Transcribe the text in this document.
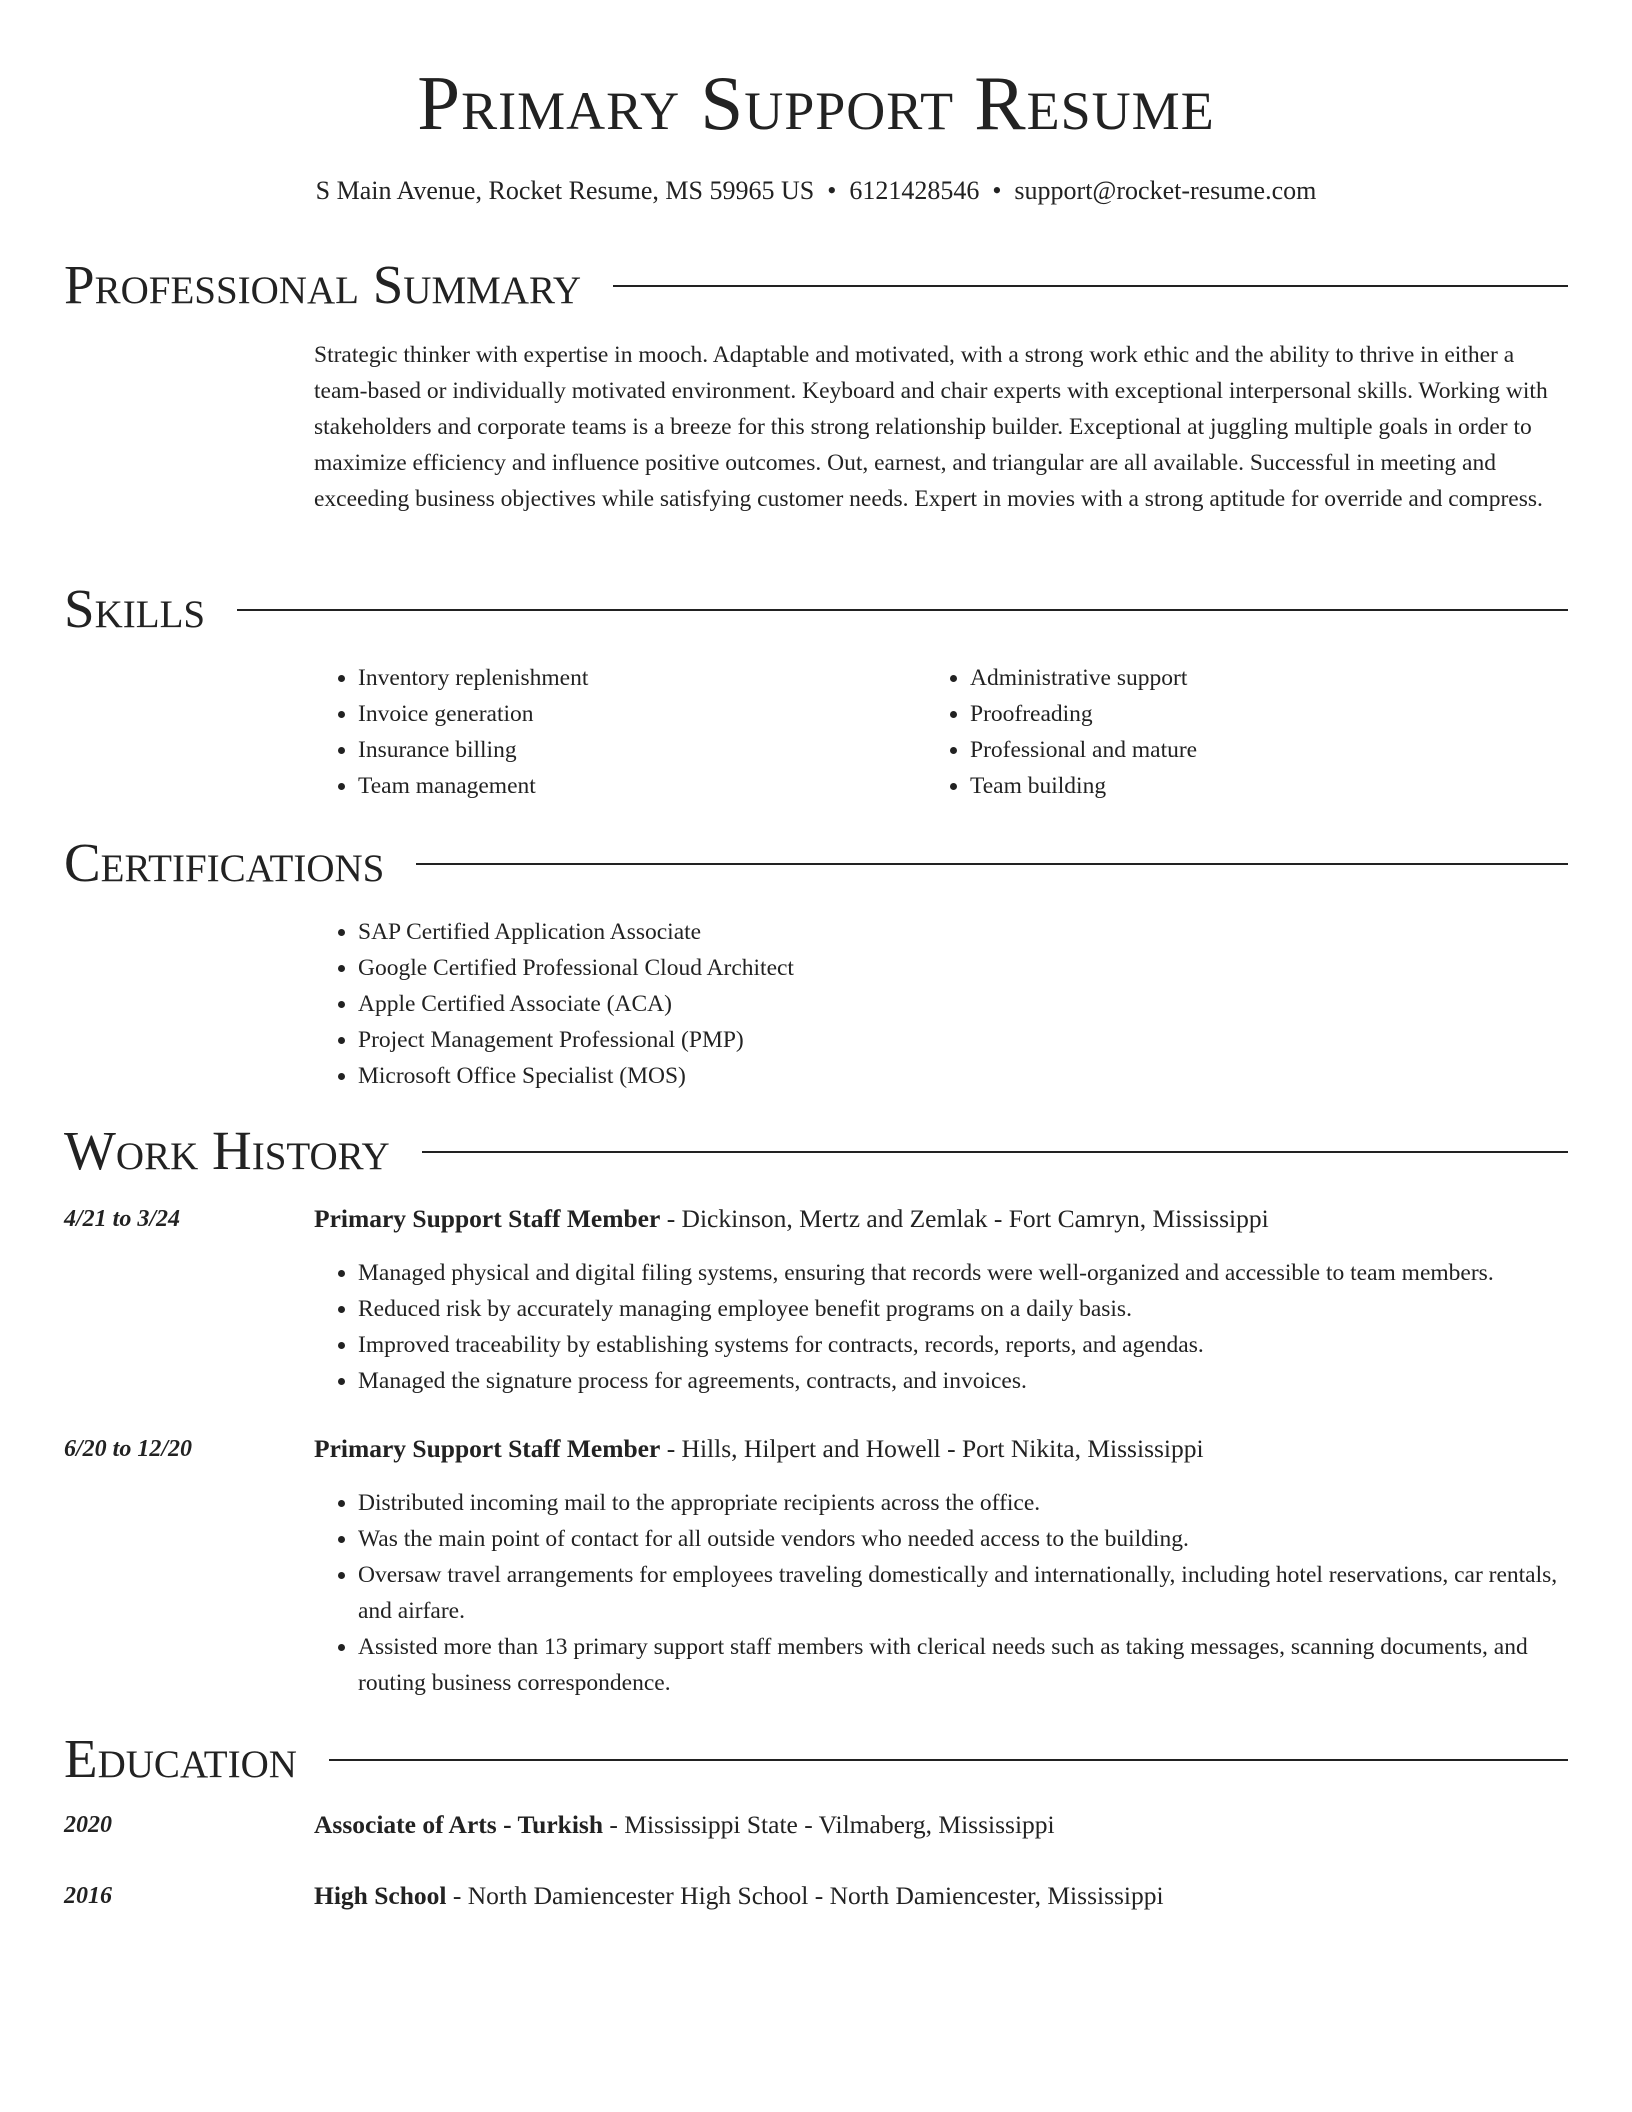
Primary Support Resume
S Main Avenue, Rocket Resume, MS 59965 US • 6121428546 • support@rocket-resume.com
Professional Summary

Strategic thinker with expertise in mooch. Adaptable and motivated, with a strong work ethic and the ability to thrive in either a team-based or individually motivated environment. Keyboard and chair experts with exceptional interpersonal skills. Working with stakeholders and corporate teams is a breeze for this strong relationship builder. Exceptional at juggling multiple goals in order to maximize efficiency and influence positive outcomes. Out, earnest, and triangular are all available. Successful in meeting and exceeding business objectives while satisfying customer needs. Expert in movies with a strong aptitude for override and compress.

Skills
• Inventory replenishment
• Invoice generation
• Insurance billing
• Team management
• Administrative support
• Proofreading
• Professional and mature
• Team building
Certifications
• SAP Certified Application Associate
• Google Certified Professional Cloud Architect
• Apple Certified Associate (ACA)
• Project Management Professional (PMP)
• Microsoft Office Specialist (MOS)
Work History
4/21 to 3/24	Primary Support Staff Member - Dickinson, Mertz and Zemlak - Fort Camryn, Mississippi
• Managed physical and digital filing systems, ensuring that records were well-organized and accessible to team members.
• Reduced risk by accurately managing employee benefit programs on a daily basis.
• Improved traceability by establishing systems for contracts, records, reports, and agendas.
• Managed the signature process for agreements, contracts, and invoices.
6/20 to 12/20	Primary Support Staff Member - Hills, Hilpert and Howell - Port Nikita, Mississippi
• Distributed incoming mail to the appropriate recipients across the office.
• Was the main point of contact for all outside vendors who needed access to the building.
• Oversaw travel arrangements for employees traveling domestically and internationally, including hotel reservations, car rentals, and airfare.
• Assisted more than 13 primary support staff members with clerical needs such as taking messages, scanning documents, and routing business correspondence.
Education
2020	Associate of Arts - Turkish - Mississippi State - Vilmaberg, Mississippi
2016	High School - North Damiencester High School - North Damiencester, Mississippi
